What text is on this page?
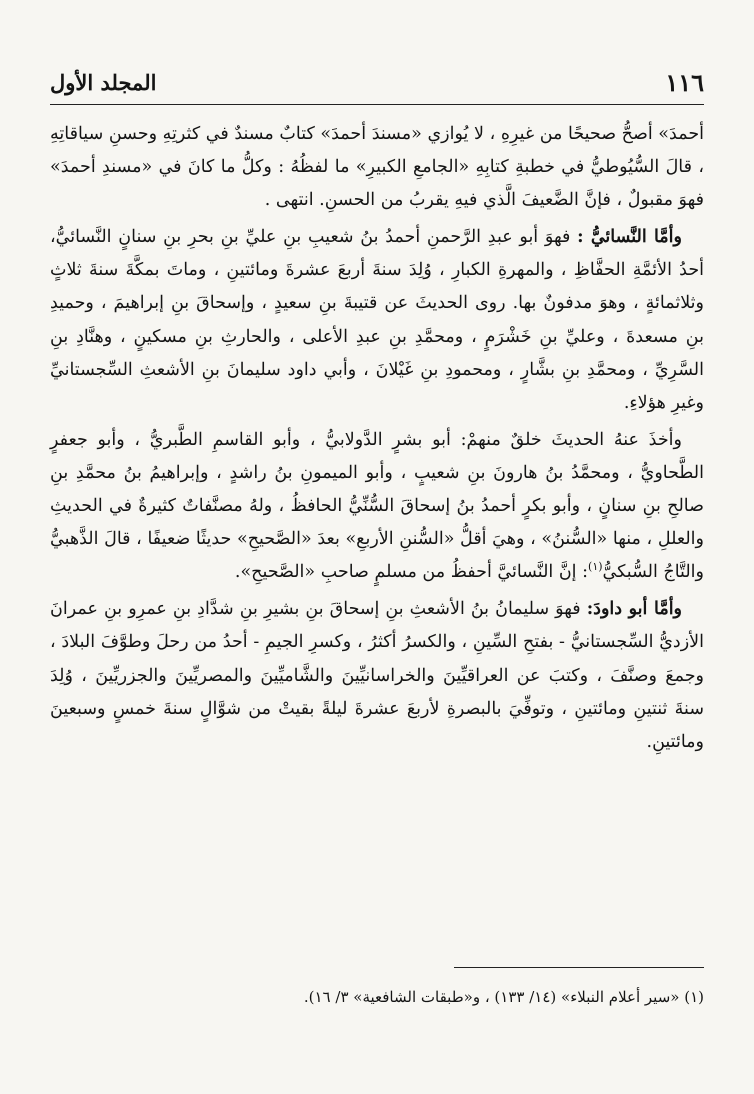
١١٦
المجلد الأول

أحمدَ» أصحُّ صحيحًا من غيرِهِ ، لا يُوازي «مسندَ أحمدَ» كتابٌ مسندٌ في كثرتِهِ وحسنِ سياقاتِهِ ، قالَ السُّيُوطيُّ في خطبةِ كتابِهِ «الجامعِ الكبيرِ» ما لفظُهُ : وكلُّ ما كانَ في «مسندِ أحمدَ» فهوَ مقبولٌ ، فإنَّ الضَّعيفَ الَّذي فيهِ يقربُ من الحسنِ. انتهى .

وأمَّا النَّسائيُّ : فهوَ أبو عبدِ الرَّحمنِ أحمدُ بنُ شعيبِ بنِ عليِّ بنِ بحرِ بنِ سنانٍ النَّسائيُّ، أحدُ الأئمَّةِ الحفَّاظِ ، والمهرةِ الكبارِ ، وُلِدَ سنةَ أربعَ عشرةَ ومائتينِ ، وماتَ بمكَّةَ سنةَ ثلاثٍ وثلاثمائةٍ ، وهوَ مدفونٌ بها. روى الحديثَ عن قتيبةَ بنِ سعيدٍ ، وإسحاقَ بنِ إبراهيمَ ، وحميدِ بنِ مسعدةَ ، وعليِّ بنِ خَشْرَمٍ ، ومحمَّدِ بنِ عبدِ الأعلى ، والحارثِ بنِ مسكينٍ ، وهنَّادِ بنِ السَّرِيِّ ، ومحمَّدِ بنِ بشَّارٍ ، ومحمودِ بنِ غَيْلانَ ، وأبي داود سليمانَ بنِ الأشعثِ السِّجستانيِّ وغيرِ هؤلاءِ.

وأخذَ عنهُ الحديثَ خلقٌ منهمْ: أبو بشرٍ الدَّولابيُّ ، وأبو القاسمِ الطَّبريُّ ، وأبو جعفرٍ الطَّحاويُّ ، ومحمَّدُ بنُ هارونَ بنِ شعيبٍ ، وأبو الميمونِ بنُ راشدٍ ، وإبراهيمُ بنُ محمَّدِ بنِ صالحِ بنِ سنانٍ ، وأبو بكرٍ أحمدُ بنُ إسحاقَ السُّنِّيُّ الحافظُ ، ولهُ مصنَّفاتٌ كثيرةٌ في الحديثِ والعللِ ، منها «السُّننُ» ، وهيَ أقلُّ «السُّننِ الأربعِ» بعدَ «الصَّحيحِ» حديثًا ضعيفًا ، قالَ الذَّهبيُّ والتَّاجُ السُّبكيُّ$^{(١)}$: إنَّ النَّسائيَّ أحفظُ من مسلمٍ صاحبِ «الصَّحيحِ».

وأمَّا أبو داودَ: فهوَ سليمانُ بنُ الأشعثِ بنِ إسحاقَ بنِ بشيرِ بنِ شدَّادِ بنِ عمرِو بنِ عمرانَ الأزديُّ السِّجستانيُّ - بفتحِ السِّينِ ، والكسرُ أكثرُ ، وكسرِ الجيمِ - أحدُ من رحلَ وطوَّفَ البلادَ ، وجمعَ وصنَّفَ ، وكتبَ عن العراقيِّينَ والخراسانيِّينَ والشَّاميِّينَ والمصريِّينَ والجزريِّينَ ، وُلِدَ سنةَ ثنتينِ ومائتينِ ، وتوفِّيَ بالبصرةِ لأربعَ عشرةَ ليلةً بقيتْ من شوَّالٍ سنةَ خمسٍ وسبعينَ ومائتينِ.

(١) «سير أعلام النبلاء» (١٤/ ١٣٣) ، و«طبقات الشافعية» ٣/ ١٦).
